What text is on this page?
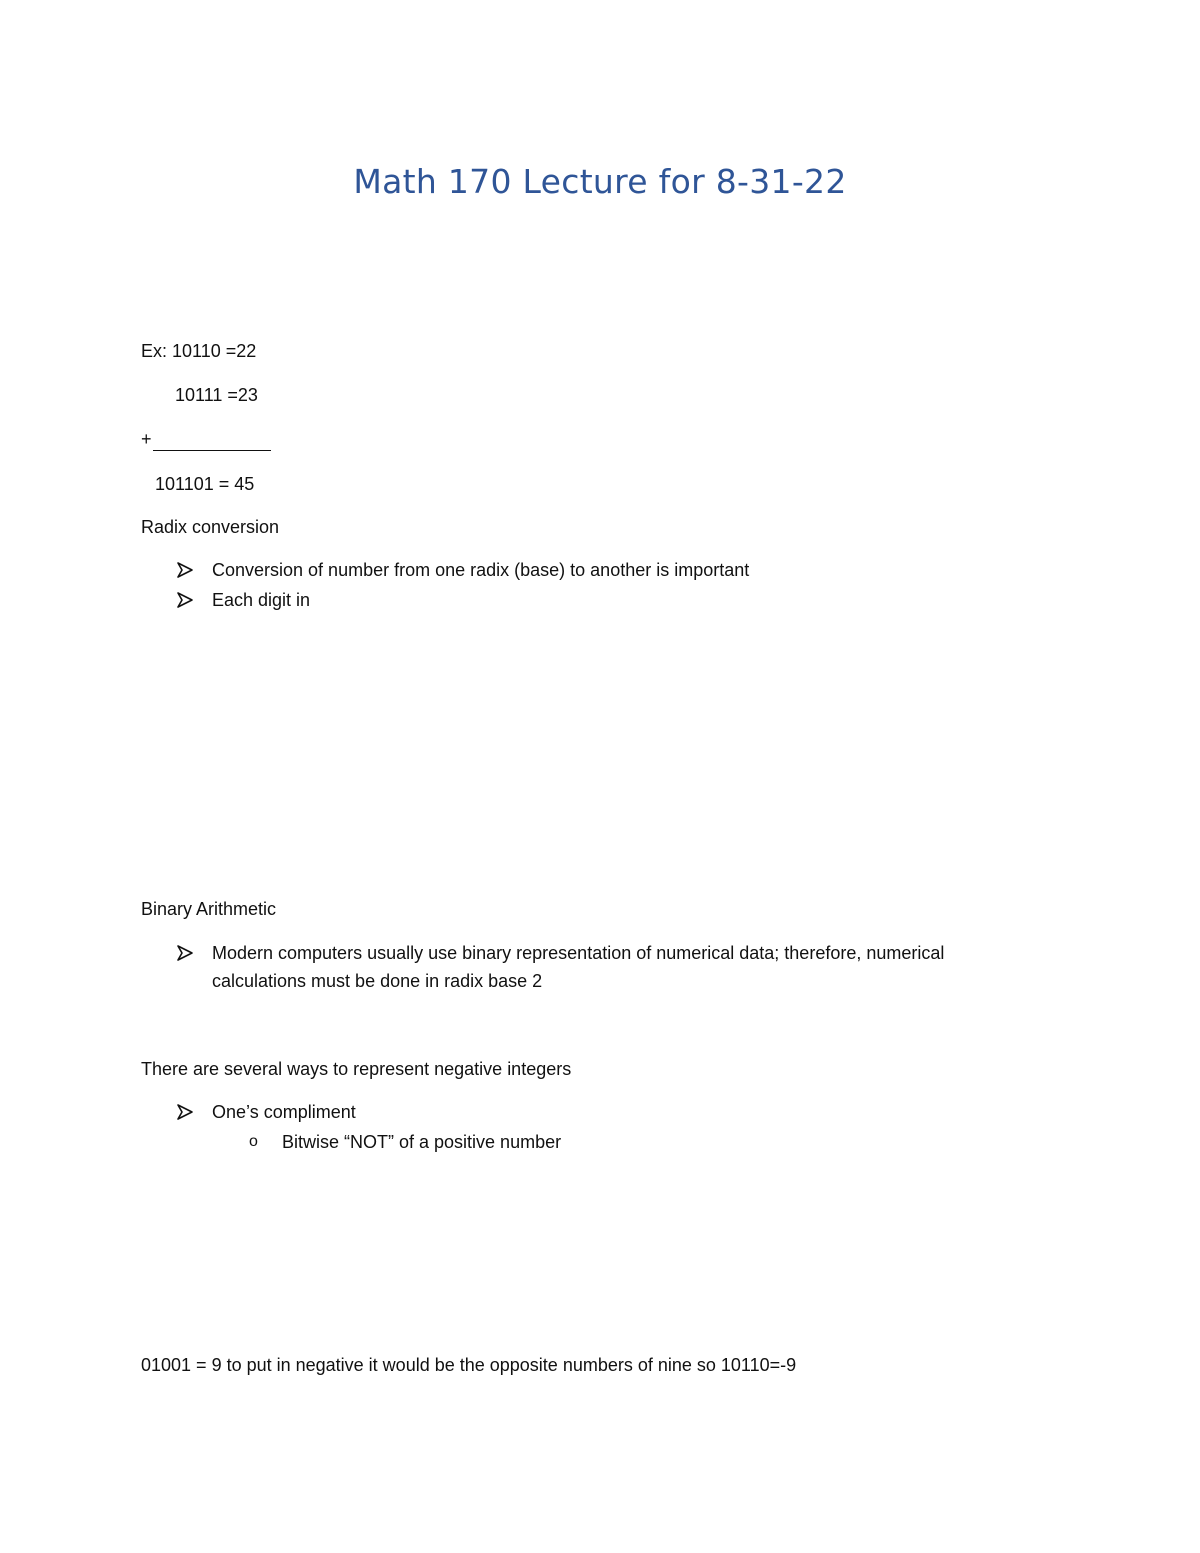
Math 170 Lecture for 8-31-22
Ex: 10110 =22
10111 =23
+
101101 = 45
Radix conversion
Conversion of number from one radix (base) to another is important
Each digit in
Binary Arithmetic
Modern computers usually use binary representation of numerical data; therefore, numerical calculations must be done in radix base 2
There are several ways to represent negative integers
One’s compliment
o Bitwise “NOT” of a positive number
01001 = 9 to put in negative it would be the opposite numbers of nine so 10110=-9
